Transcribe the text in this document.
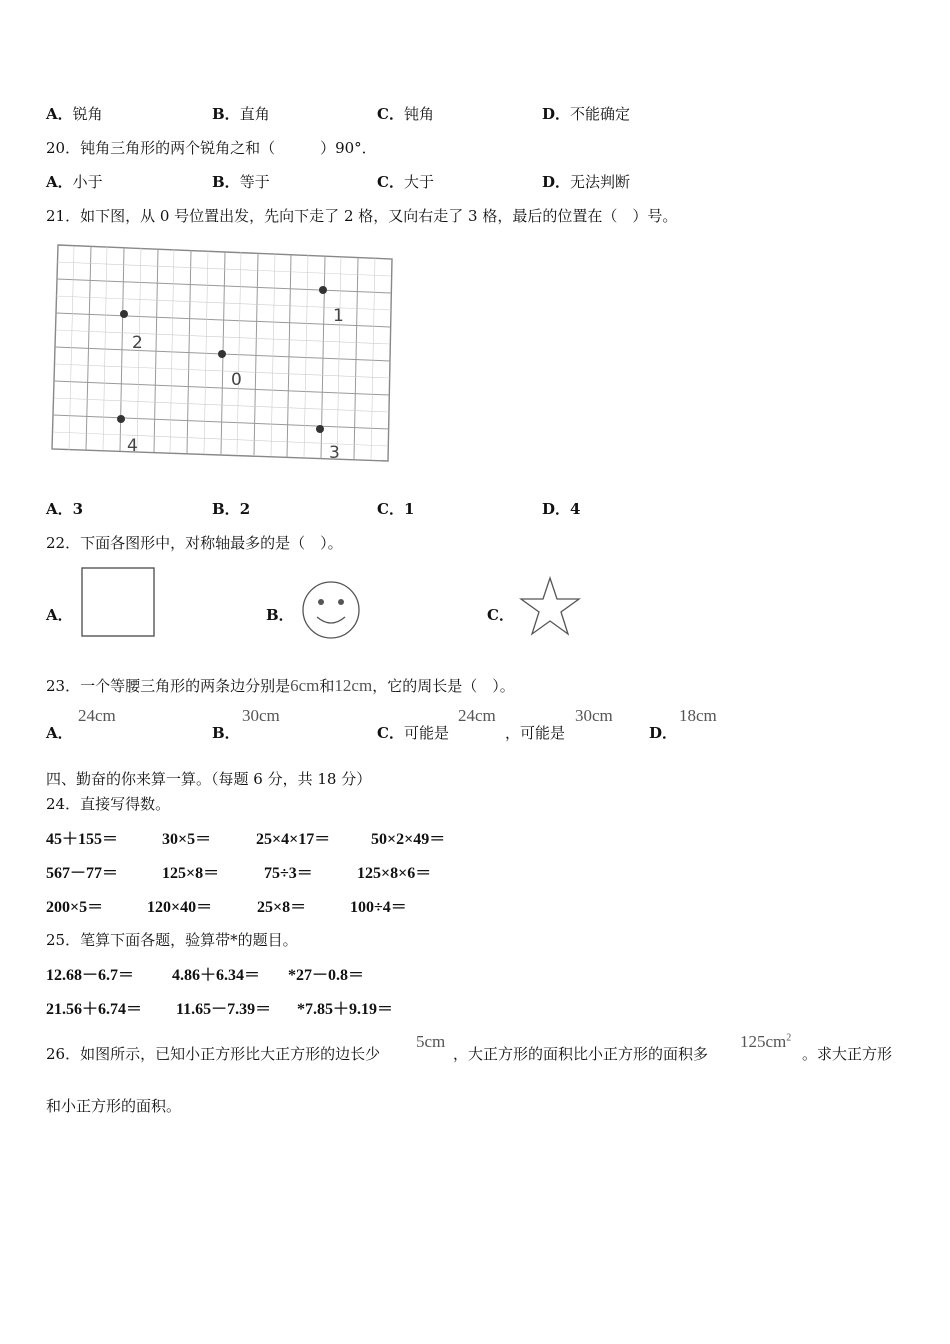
A．锐角	B．直角	C．钝角	D．不能确定
20．钝角三角形的两个锐角之和（　　　）90°．
A．小于	B．等于	C．大于	D．无法判断
21．如下图，从 0 号位置出发，先向下走了 2 格，又向右走了 3 格，最后的位置在（　）号。
1
2
0
4	3
A．3	B．2	C．1	D．4
22．下面各图形中，对称轴最多的是（　）。
A．	B．	C．
23．一个等腰三角形的两条边分别是6cm和12cm，它的周长是（　）。
A．
24cm
B．
30cm
C．可能是
24cm
，可能是
30cm
D．
18cm
四、勤奋的你来算一算。（每题 6 分，共 18 分）
24．直接写得数。
45＋155＝	30×5＝	25×4×17＝	50×2×49＝
567－77＝	125×8＝	75÷3＝	125×8×6＝
200×5＝	120×40＝	25×8＝	100÷4＝
25．笔算下面各题，验算带*的题目。
12.68－6.7＝ 4.86＋6.34＝ *27－0.8＝
21.56＋6.74＝ 11.65－7.39＝ *7.85＋9.19＝
26．如图所示，已知小正方形比大正方形的边长少
5cm
，大正方形的面积比小正方形的面积多
$125cm^2$
。求大正方形
和小正方形的面积。
